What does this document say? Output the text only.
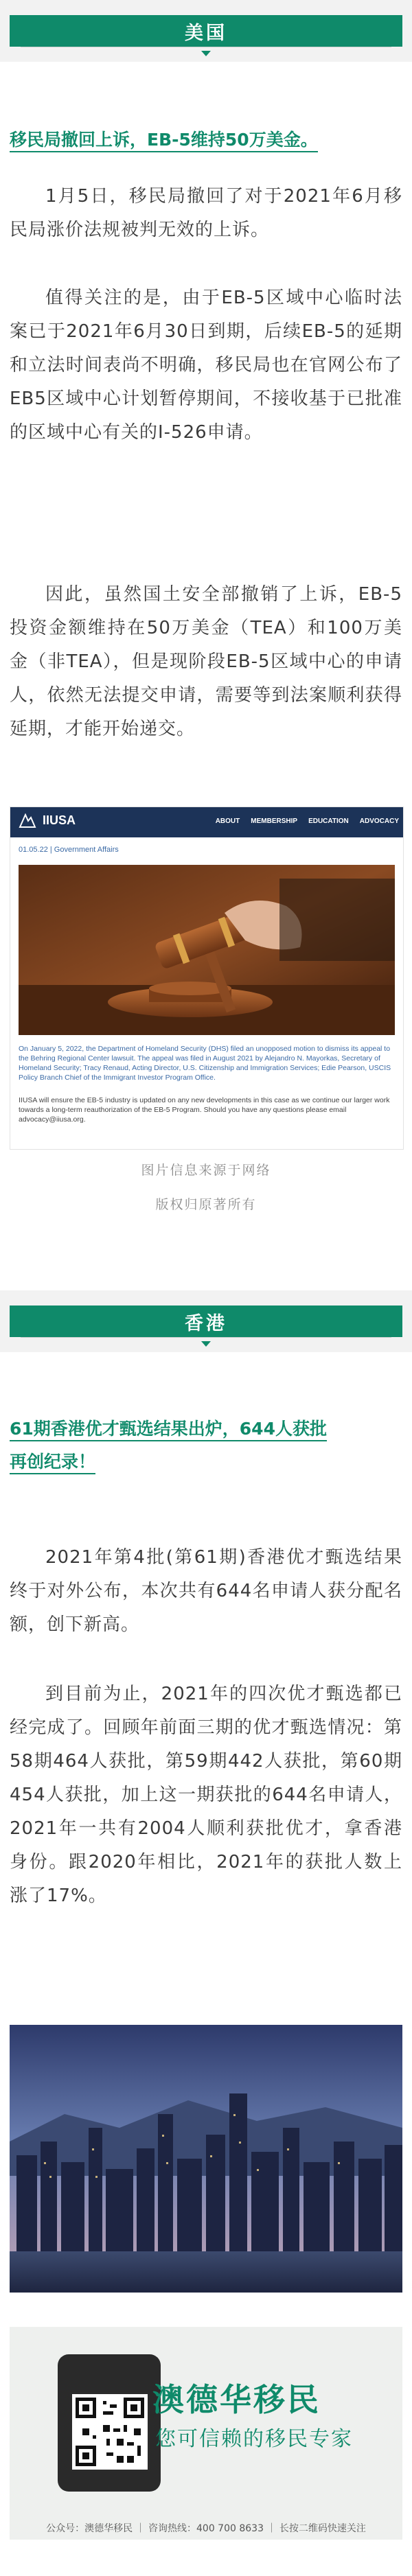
美国
移民局撤回上诉，EB-5维持50万美金。

1月5日，移民局撤回了对于2021年6月移民局涨价法规被判无效的上诉。

值得关注的是，由于EB-5区域中心临时法案已于2021年6月30日到期，后续EB-5的延期和立法时间表尚不明确，移民局也在官网公布了EB5区域中心计划暂停期间，不接收基于已批准的区域中心有关的I-526申请。

因此，虽然国土安全部撤销了上诉，EB-5投资金额维持在50万美金（TEA）和100万美金（非TEA），但是现阶段EB-5区域中心的申请人，依然无法提交申请，需要等到法案顺利获得延期，才能开始递交。

IIUSA	ABOUT MEMBERSHIP EDUCATION ADVOCACY
01.05.22 | Government Affairs

On January 5, 2022, the Department of Homeland Security (DHS) filed an unopposed motion to dismiss its appeal to the Behring Regional Center lawsuit. The appeal was filed in August 2021 by Alejandro N. Mayorkas, Secretary of Homeland Security; Tracy Renaud, Acting Director, U.S. Citizenship and Immigration Services; Edie Pearson, USCIS Policy Branch Chief of the Immigrant Investor Program Office.

IIUSA will ensure the EB-5 industry is updated on any new developments in this case as we continue our larger work towards a long-term reauthorization of the EB-5 Program. Should you have any questions please email advocacy@iiusa.org.

图片信息来源于网络
版权归原著所有
香港
61期香港优才甄选结果出炉，644人获批
再创纪录！

2021年第4批(第61期)香港优才甄选结果终于对外公布，本次共有644名申请人获分配名额，创下新高。

到目前为止，2021年的四次优才甄选都已经完成了。回顾年前面三期的优才甄选情况：第58期464人获批，第59期442人获批，第60期454人获批，加上这一期获批的644名申请人，2021年一共有2004人顺利获批优才，拿香港身份。跟2020年相比，2021年的获批人数上涨了17%。

澳德华移民
您可信赖的移民专家
公众号：澳德华移民 ｜ 咨询热线：400 700 8633 ｜ 长按二维码快速关注
